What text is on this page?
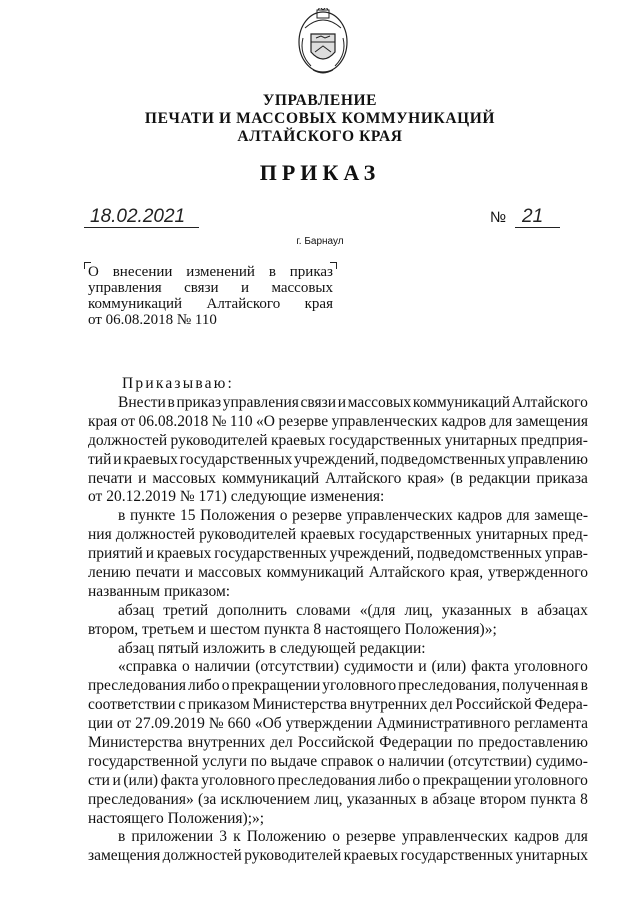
УПРАВЛЕНИЕ
ПЕЧАТИ И МАССОВЫХ КОММУНИКАЦИЙ
АЛТАЙСКОГО КРАЯ
ПРИКАЗ
18.02.2021	№ 21
г. Барнаул
О внесении изменений в приказ
управления связи и массовых
коммуникаций Алтайского края
от 06.08.2018 № 110
Приказываю:
Внести в приказ управления связи и массовых коммуникаций Алтайского
края от 06.08.2018 № 110 «О резерве управленческих кадров для замещения
должностей руководителей краевых государственных унитарных предприя-
тий и краевых государственных учреждений, подведомственных управлению
печати и массовых коммуникаций Алтайского края» (в редакции приказа
от 20.12.2019 № 171) следующие изменения:
в пункте 15 Положения о резерве управленческих кадров для замеще-
ния должностей руководителей краевых государственных унитарных пред-
приятий и краевых государственных учреждений, подведомственных управ-
лению печати и массовых коммуникаций Алтайского края, утвержденного
названным приказом:
абзац третий дополнить словами «(для лиц, указанных в абзацах
втором, третьем и шестом пункта 8 настоящего Положения)»;
абзац пятый изложить в следующей редакции:
«справка о наличии (отсутствии) судимости и (или) факта уголовного
преследования либо о прекращении уголовного преследования, полученная в
соответствии с приказом Министерства внутренних дел Российской Федера-
ции от 27.09.2019 № 660 «Об утверждении Административного регламента
Министерства внутренних дел Российской Федерации по предоставлению
государственной услуги по выдаче справок о наличии (отсутствии) судимо-
сти и (или) факта уголовного преследования либо о прекращении уголовного
преследования» (за исключением лиц, указанных в абзаце втором пункта 8
настоящего Положения);»;
в приложении 3 к Положению о резерве управленческих кадров для
замещения должностей руководителей краевых государственных унитарных
